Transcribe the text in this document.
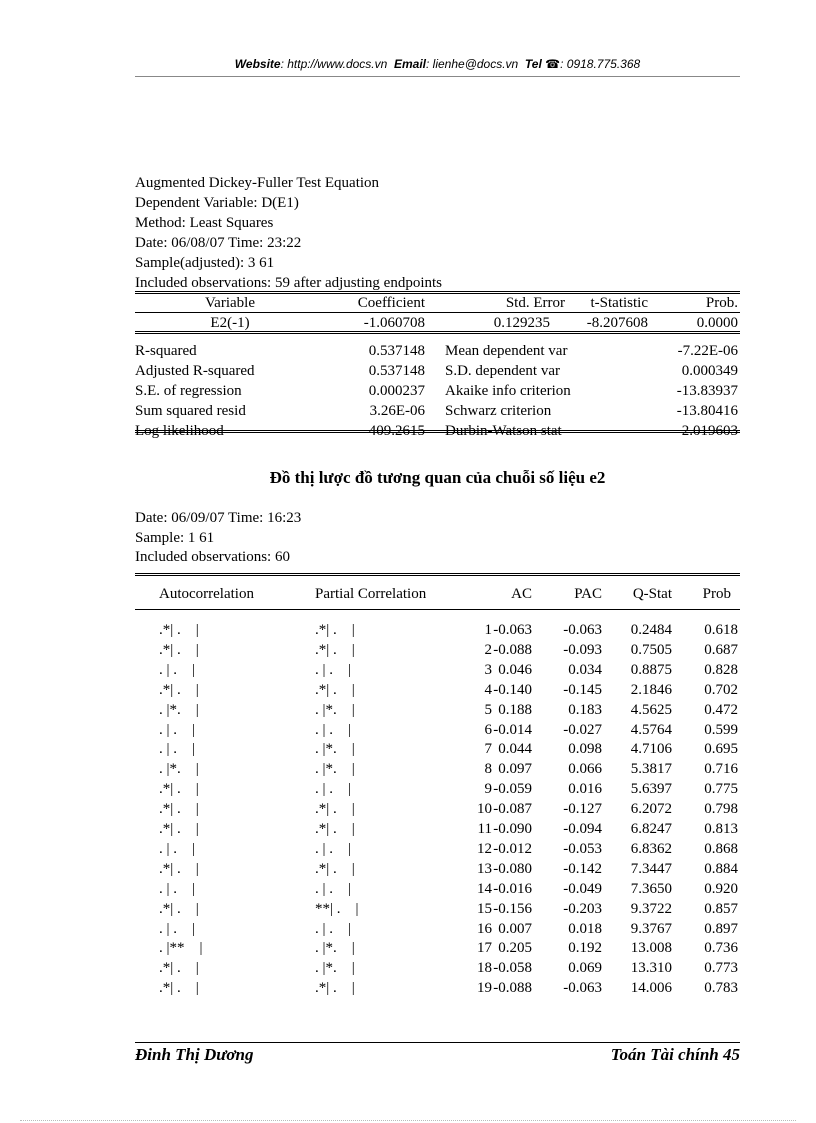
Website: http://www.docs.vn Email: lienhe@docs.vn Tel ☎: 0918.775.368
Augmented Dickey-Fuller Test Equation
Dependent Variable: D(E1)
Method: Least Squares
Date: 06/08/07 Time: 23:22
Sample(adjusted): 3 61
Included observations: 59 after adjusting endpoints
Variable	Coefficient	Std. Error	t-Statistic	Prob.
E2(-1)	-1.060708	0.129235	-8.207608	0.0000
R-squared	0.537148 Mean dependent var	-7.22E-06
Adjusted R-squared	0.537148 S.D. dependent var	0.000349
S.E. of regression	0.000237 Akaike info criterion	-13.83937
Sum squared resid	3.26E-06 Schwarz criterion	-13.80416
Log likelihood	409.2615 Durbin-Watson stat	2.019603
Đồ thị lược đồ tương quan của chuỗi số liệu e2
Date: 06/09/07 Time: 16:23
Sample: 1 61
Included observations: 60
Autocorrelation	Partial Correlation	AC	PAC	Q-Stat	Prob
.*| .    |	.*| .    |	1 -0.063	-0.063	0.2484	0.618
.*| .    |	.*| .    |	2 -0.088	-0.093	0.7505	0.687
. | .    |	. | .    |	3 0.046	0.034	0.8875	0.828
.*| .    |	.*| .    |	4 -0.140	-0.145	2.1846	0.702
. |*.    |	. |*.    |	5 0.188	0.183	4.5625	0.472
. | .    |	. | .    |	6 -0.014	-0.027	4.5764	0.599
. | .    |	. |*.    |	7 0.044	0.098	4.7106	0.695
. |*.    |	. |*.    |	8 0.097	0.066	5.3817	0.716
.*| .    |	. | .    |	9 -0.059	0.016	5.6397	0.775
.*| .    |	.*| .    |	10 -0.087	-0.127	6.2072	0.798
.*| .    |	.*| .    |	11 -0.090	-0.094	6.8247	0.813
. | .    |	. | .    |	12 -0.012	-0.053	6.8362	0.868
.*| .    |	.*| .    |	13 -0.080	-0.142	7.3447	0.884
. | .    |	. | .    |	14 -0.016	-0.049	7.3650	0.920
.*| .    |	**| .    |	15 -0.156	-0.203	9.3722	0.857
. | .    |	. | .    |	16 0.007	0.018	9.3767	0.897
. |**    |	. |*.    |	17 0.205	0.192	13.008	0.736
.*| .    |	. |*.    |	18 -0.058	0.069	13.310	0.773
.*| .    |	.*| .    |	19 -0.088	-0.063	14.006	0.783
Đinh Thị Dương	Toán Tài chính 45
